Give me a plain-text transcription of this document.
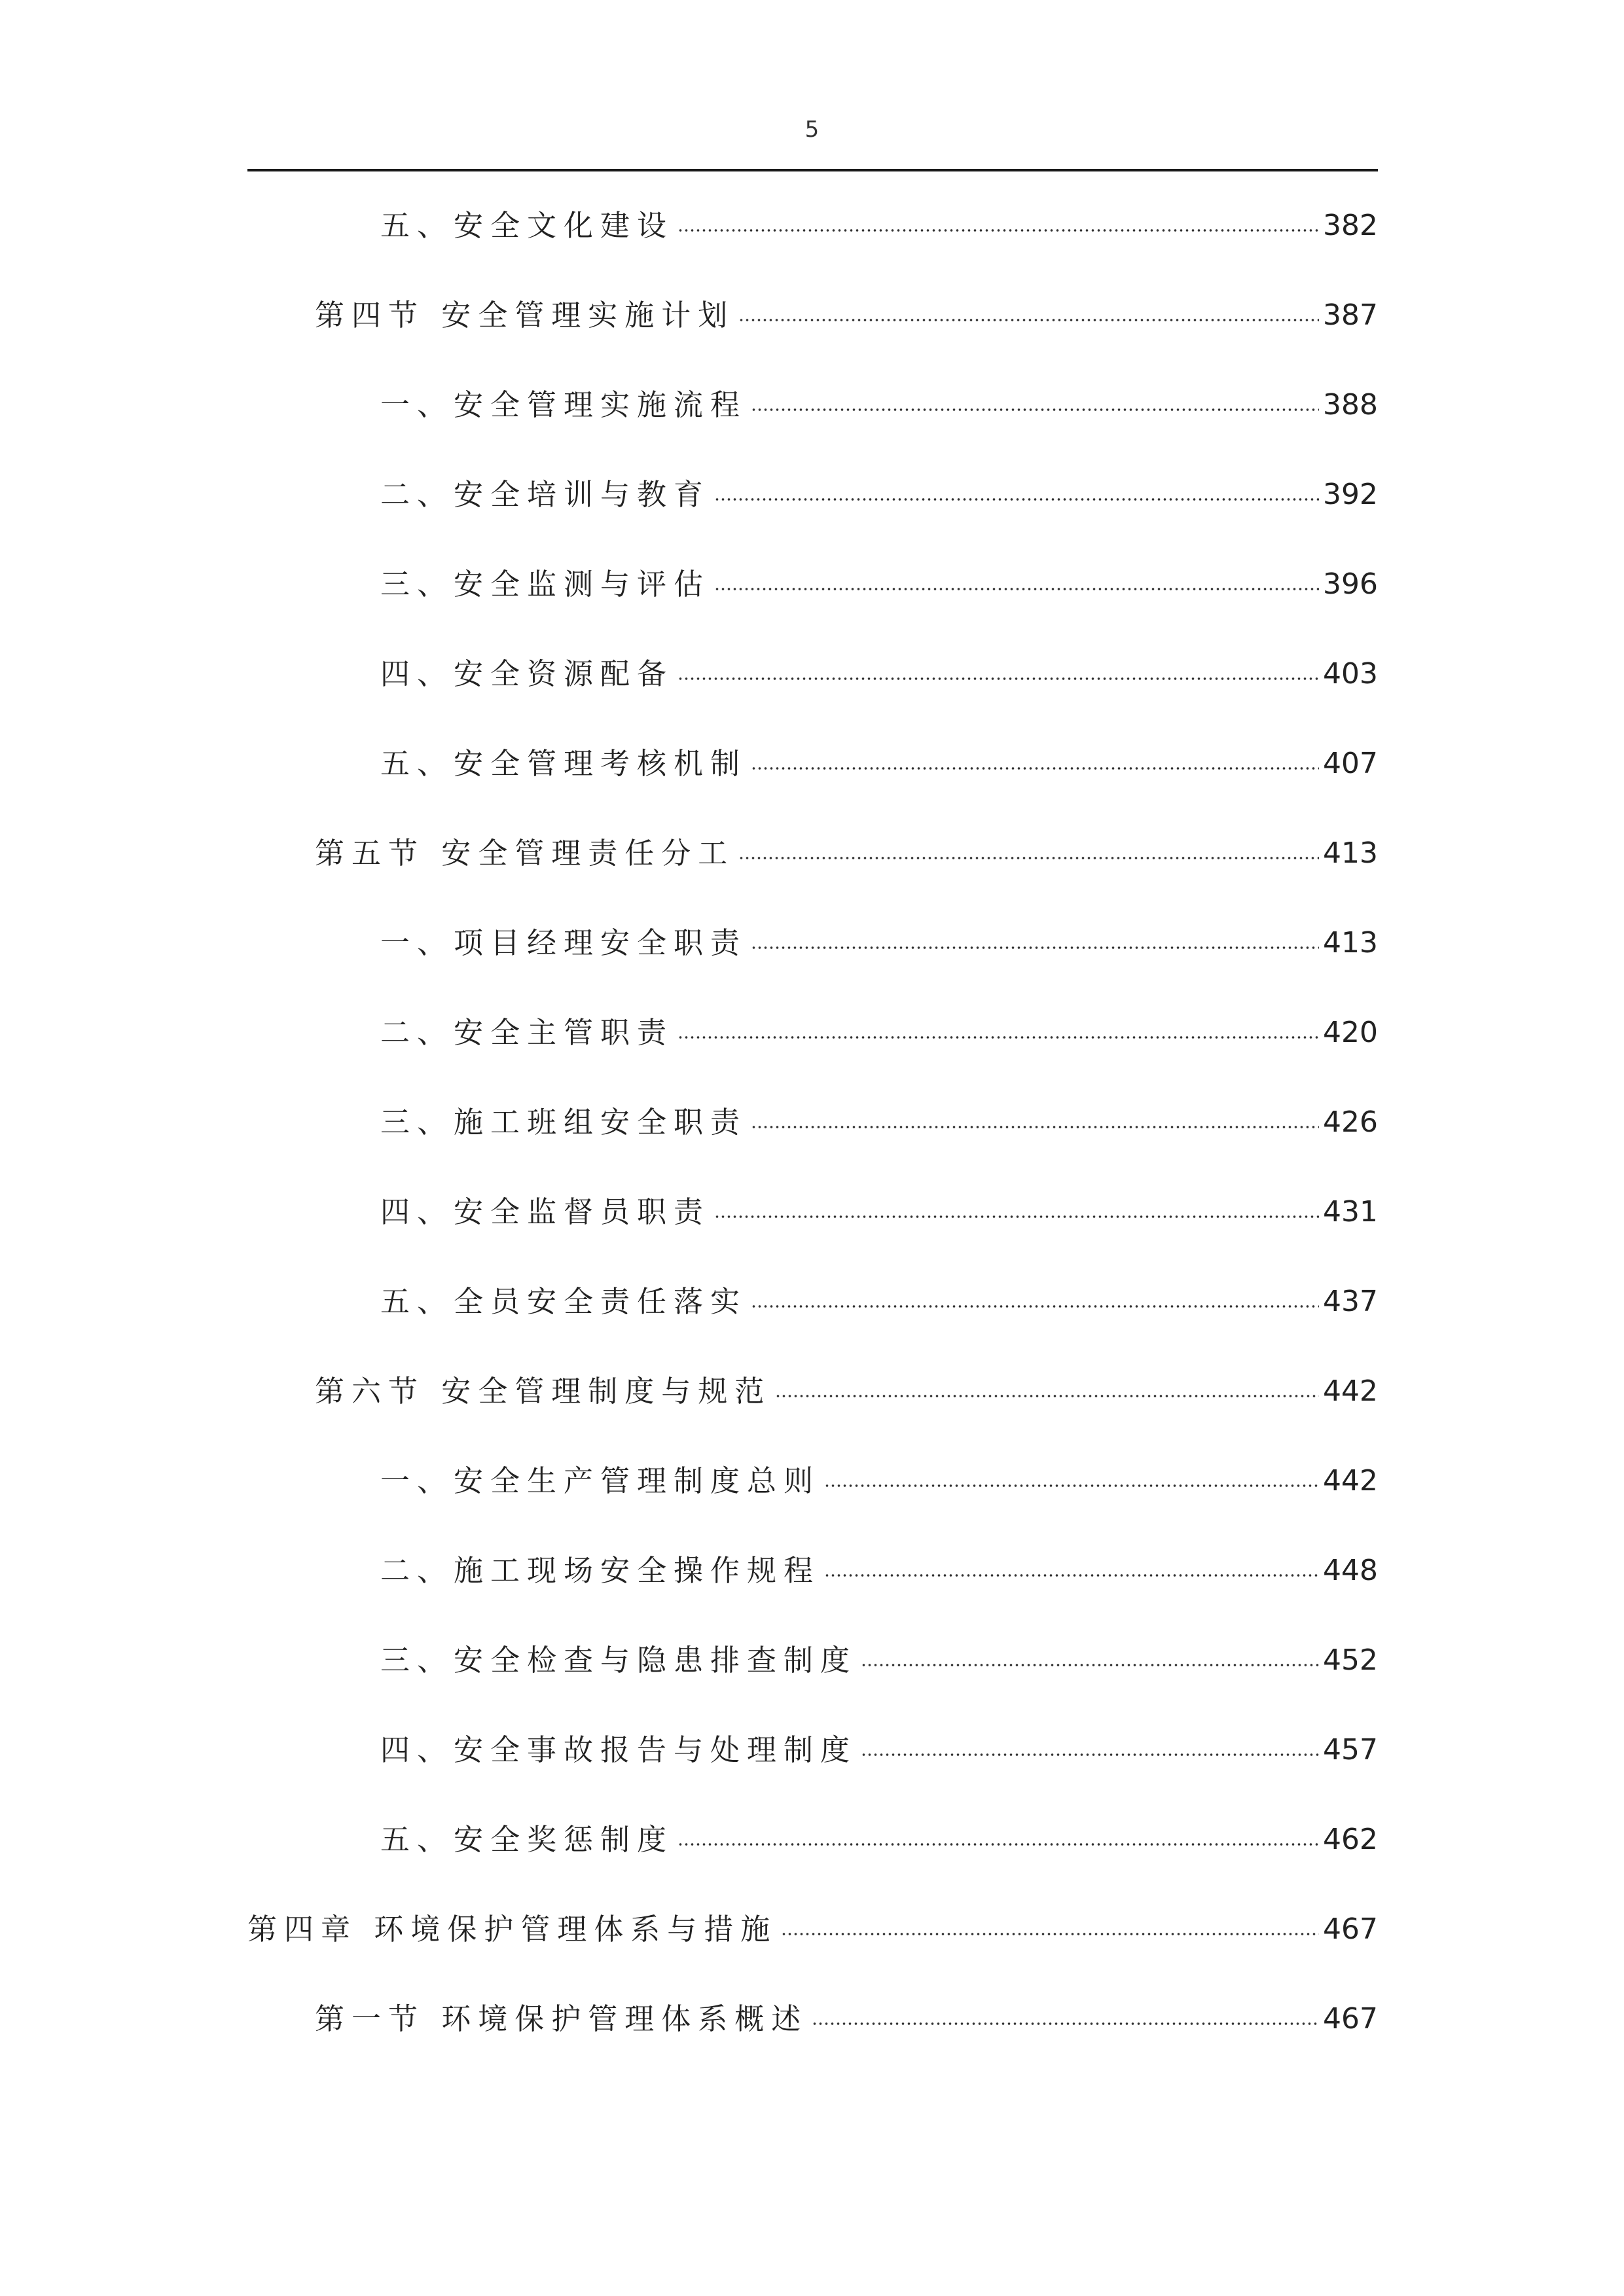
5
五、安全文化建设	382
第四节 安全管理实施计划	387
一、安全管理实施流程	388
二、安全培训与教育	392
三、安全监测与评估	396
四、安全资源配备	403
五、安全管理考核机制	407
第五节 安全管理责任分工	413
一、项目经理安全职责	413
二、安全主管职责	420
三、施工班组安全职责	426
四、安全监督员职责	431
五、全员安全责任落实	437
第六节 安全管理制度与规范	442
一、安全生产管理制度总则	442
二、施工现场安全操作规程	448
三、安全检查与隐患排查制度	452
四、安全事故报告与处理制度	457
五、安全奖惩制度	462
第四章 环境保护管理体系与措施	467
第一节 环境保护管理体系概述	467
